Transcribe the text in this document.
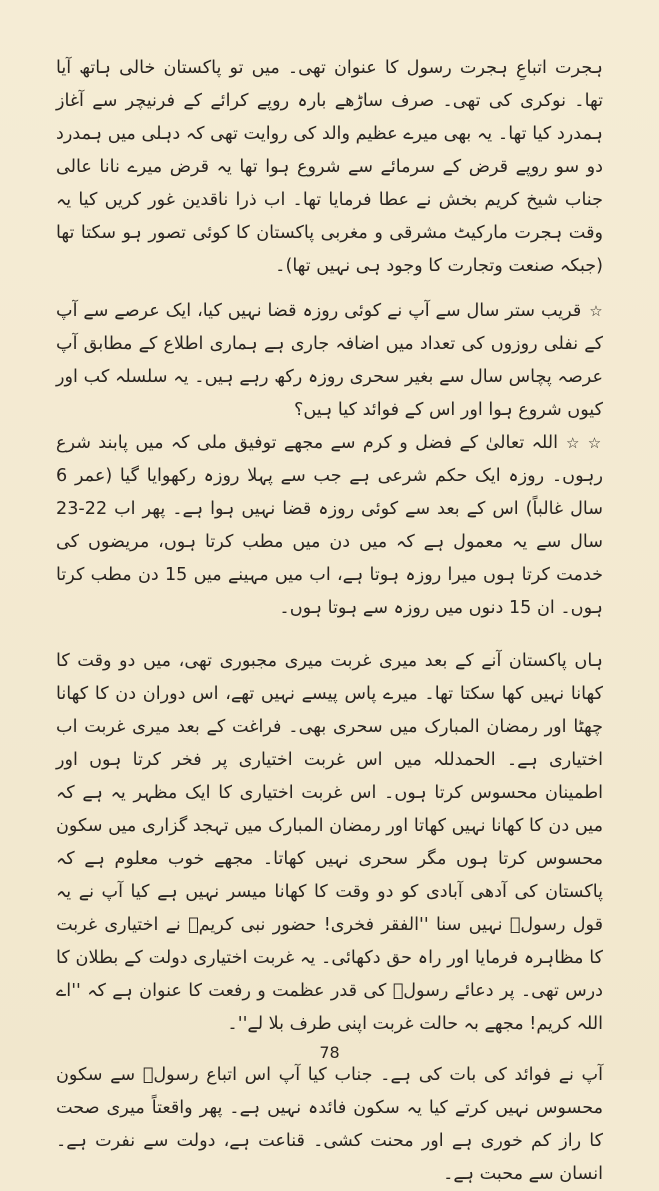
ہجرت اتباعِ ہجرت رسول کا عنوان تھی۔ میں تو پاکستان خالی ہاتھ آیا تھا۔ نوکری کی تھی۔ صرف ساڑھے بارہ روپے کرائے کے فرنیچر سے آغاز ہمدرد کیا تھا۔ یہ بھی میرے عظیم والد کی روایت تھی کہ دہلی میں ہمدرد دو سو روپے قرض کے سرمائے سے شروع ہوا تھا یہ قرض میرے نانا عالی جناب شیخ کریم بخش نے عطا فرمایا تھا۔ اب ذرا ناقدین غور کریں کیا یہ وقت ہجرت مارکیٹ مشرقی و مغربی پاکستان کا کوئی تصور ہو سکتا تھا (جبکہ صنعت وتجارت کا وجود ہی نہیں تھا)۔

☆قریب ستر سال سے آپ نے کوئی روزہ قضا نہیں کیا، ایک عرصے سے آپ کے نفلی روزوں کی تعداد میں اضافہ جاری ہے ہماری اطلاع کے مطابق آپ عرصہ پچاس سال سے بغیر سحری روزہ رکھ رہے ہیں۔ یہ سلسلہ کب اور کیوں شروع ہوا اور اس کے فوائد کیا ہیں؟

☆ ☆اللہ تعالیٰ کے فضل و کرم سے مجھے توفیق ملی کہ میں پابند شرع رہوں۔ روزہ ایک حکم شرعی ہے جب سے پہلا روزہ رکھوایا گیا (عمر 6 سال غالباً) اس کے بعد سے کوئی روزہ قضا نہیں ہوا ہے۔ پھر اب 22-23 سال سے یہ معمول ہے کہ میں دن میں مطب کرتا ہوں، مریضوں کی خدمت کرتا ہوں میرا روزہ ہوتا ہے، اب میں مہینے میں 15 دن مطب کرتا ہوں۔ ان 15 دنوں میں روزہ سے ہوتا ہوں۔

ہاں پاکستان آنے کے بعد میری غربت میری مجبوری تھی، میں دو وقت کا کھانا نہیں کھا سکتا تھا۔ میرے پاس پیسے نہیں تھے، اس دوران دن کا کھانا چھٹا اور رمضان المبارک میں سحری بھی۔ فراغت کے بعد میری غربت اب اختیاری ہے۔ الحمدللہ میں اس غربت اختیاری پر فخر کرتا ہوں اور اطمینان محسوس کرتا ہوں۔ اس غربت اختیاری کا ایک مظہر یہ ہے کہ میں دن کا کھانا نہیں کھاتا اور رمضان المبارک میں تہجد گزاری میں سکون محسوس کرتا ہوں مگر سحری نہیں کھاتا۔ مجھے خوب معلوم ہے کہ پاکستان کی آدھی آبادی کو دو وقت کا کھانا میسر نہیں ہے کیا آپ نے یہ قول رسولؐ نہیں سنا ''الفقر فخری! حضور نبی کریمؐ نے اختیاری غربت کا مظاہرہ فرمایا اور راہ حق دکھائی۔ یہ غربت اختیاری دولت کے بطلان کا درس تھی۔ پر دعائے رسولؐ کی قدر عظمت و رفعت کا عنوان ہے کہ ''اے اللہ کریم! مجھے بہ حالت غربت اپنی طرف بلا لے''۔

آپ نے فوائد کی بات کی ہے۔ جناب کیا آپ اس اتباع رسولؐ سے سکون محسوس نہیں کرتے کیا یہ سکون فائدہ نہیں ہے۔ پھر واقعتاً میری صحت کا راز کم خوری ہے اور محنت کشی۔ قناعت ہے، دولت سے نفرت ہے۔ انسان سے محبت ہے۔

78
